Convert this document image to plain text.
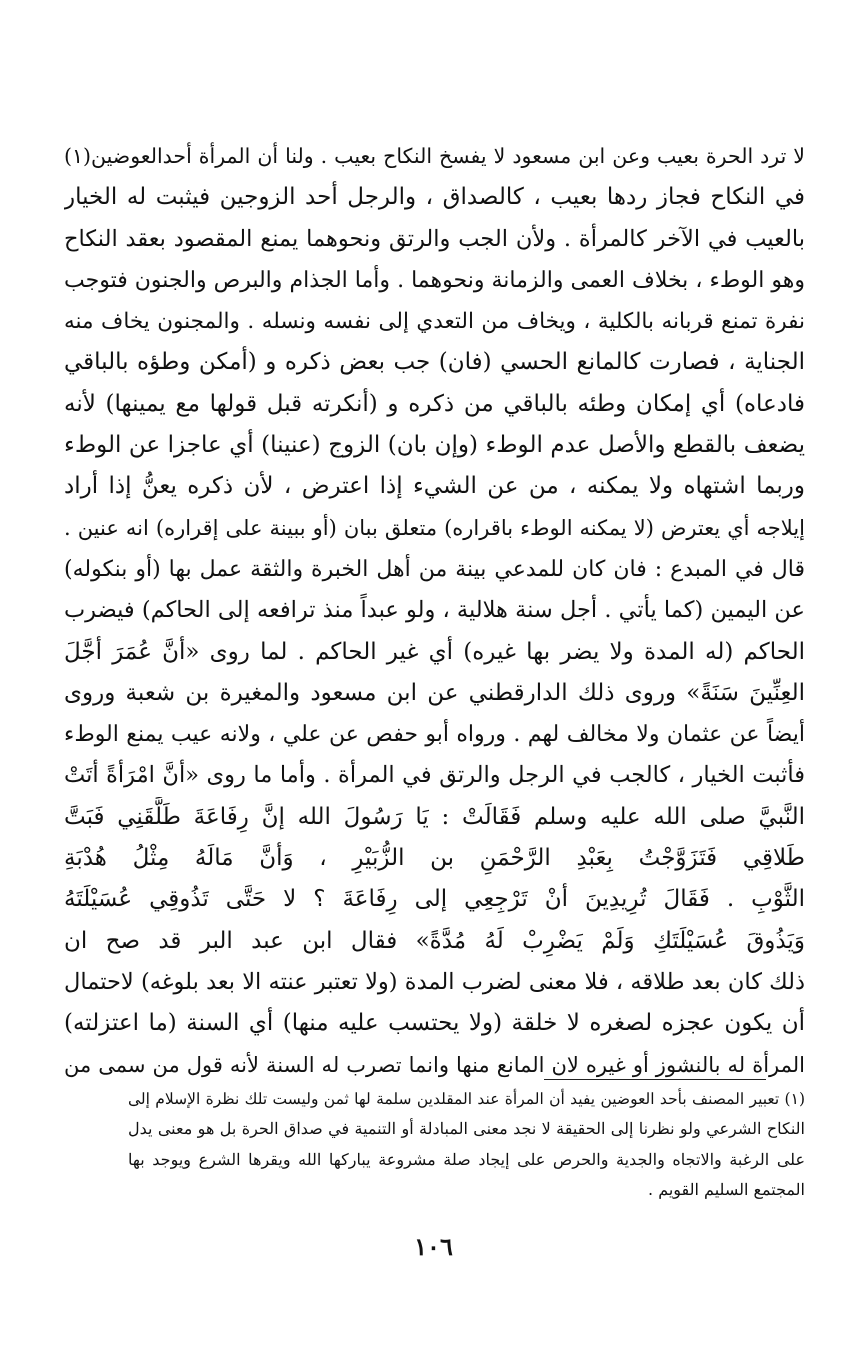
لا ترد الحرة بعيب وعن ابن مسعود لا يفسخ النكاح بعيب . ولنا أن المرأة أحدالعوضين(١)
في النكاح فجاز ردها بعيب ، كالصداق ، والرجل أحد الزوجين فيثبت له الخيار
بالعيب في الآخر كالمرأة . ولأن الجب والرتق ونحوهما يمنع المقصود بعقد النكاح
وهو الوطء ، بخلاف العمى والزمانة ونحوهما . وأما الجذام والبرص والجنون فتوجب
نفرة تمنع قربانه بالكلية ، ويخاف من التعدي إلى نفسه ونسله . والمجنون يخاف منه
الجناية ، فصارت كالمانع الحسي (فان) جب بعض ذكره و (أمكن وطؤه بالباقي
فادعاه) أي إمكان وطئه بالباقي من ذكره و (أنكرته قبل قولها مع يمينها) لأنه
يضعف بالقطع والأصل عدم الوطء (وإن بان) الزوج (عنينا) أي عاجزا عن الوطء
وربما اشتهاه ولا يمكنه ، من عن الشيء إذا اعترض ، لأن ذكره يعنُّ إذا أراد
إيلاجه أي يعترض (لا يمكنه الوطء باقراره) متعلق ببان (أو ببينة على إقراره) انه عنين .
قال في المبدع : فان كان للمدعي بينة من أهل الخبرة والثقة عمل بها (أو بنكوله)
عن اليمين (كما يأتي . أجل سنة هلالية ، ولو عبداً منذ ترافعه إلى الحاكم) فيضرب
الحاكم (له المدة ولا يضر بها غيره) أي غير الحاكم . لما روى «أنَّ عُمَرَ أجَّلَ
العِنِّينَ سَنَةً» وروى ذلك الدارقطني عن ابن مسعود والمغيرة بن شعبة وروى
أيضاً عن عثمان ولا مخالف لهم . ورواه أبو حفص عن علي ، ولانه عيب يمنع الوطء
فأثبت الخيار ، كالجب في الرجل والرتق في المرأة . وأما ما روى «أنَّ امْرَأةً أتَتْ
النَّبيَّ صلى الله عليه وسلم فَقَالَتْ : يَا رَسُولَ الله إنَّ رِفَاعَةَ طَلَّقَنِي فَبَتَّ
طَلاقِي فَتَزَوَّجْتُ بِعَبْدِ الرَّحْمَنِ بن الزُّبَيْرِ ، وَأنَّ مَالَهُ مِثْلُ هُدْبَةِ
الثَّوْبِ . فَقَالَ تُرِيدِينَ أنْ تَرْجِعِي إلى رِفَاعَةَ ؟ لا حَتَّى تَذُوقِي عُسَيْلَتَهُ
وَيَذُوقَ عُسَيْلَتَكِ وَلَمْ يَضْرِبْ لَهُ مُدَّةً» فقال ابن عبد البر قد صح ان
ذلك كان بعد طلاقه ، فلا معنى لضرب المدة (ولا تعتبر عنته الا بعد بلوغه) لاحتمال
أن يكون عجزه لصغره لا خلقة (ولا يحتسب عليه منها) أي السنة (ما اعتزلته)
المرأة له بالنشوز أو غيره لان المانع منها وانما تصرب له السنة لأنه قول من سمى من
(١) تعبير المصنف بأحد العوضين يفيد أن المرأة عند المقلدين سلمة لها ثمن وليست تلك نظرة الإسلام إلى
النكاح الشرعي ولو نظرنا إلى الحقيقة لا نجد معنى المبادلة أو التنمية في صداق الحرة بل هو معنى يدل
على الرغبة والاتجاه والجدية والحرص على إيجاد صلة مشروعة يباركها الله ويقرها الشرع ويوجد بها
المجتمع السليم القويم .
١٠٦
